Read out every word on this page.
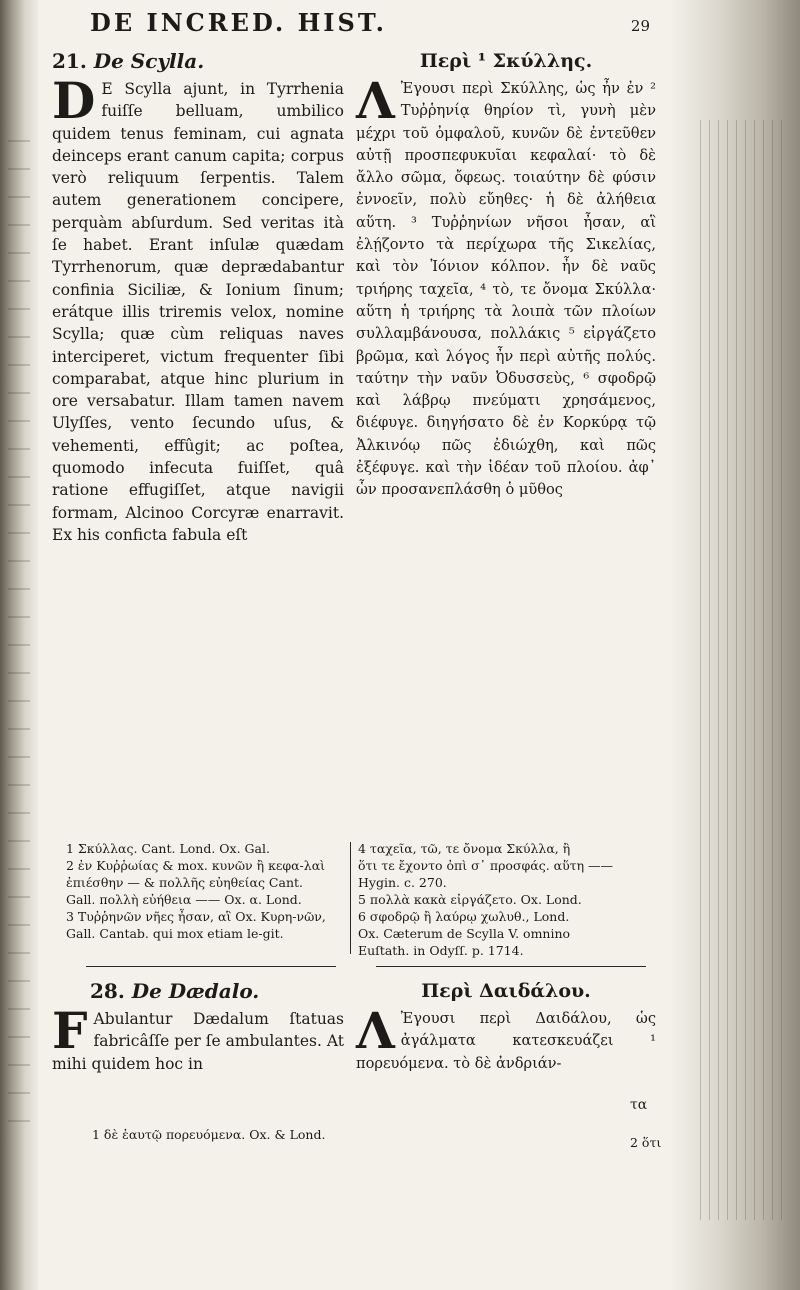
DE INCRED. HIST.	29
21. De Scylla.

D E Scylla ajunt, in Tyrrhenia fuiſſe belluam, umbilico quidem tenus feminam, cui agnata deinceps erant canum capita; corpus verò reliquum ſerpentis. Talem autem generationem concipere, perquàm abſurdum. Sed veritas ità ſe habet. Erant inſulæ quædam Tyrrhenorum, quæ deprædabantur confinia Siciliæ, & Ionium ſinum; erátque illis triremis velox, nomine Scylla; quæ cùm reliquas naves interciperet, victum frequenter ſibi comparabat, atque hinc plurium in ore versabatur. Illam tamen navem Ulyſſes, vento ſecundo uſus, & vehementi, effûgit; ac poſtea, quomodo infecuta fuiſſet, quâ ratione effugiſſet, atque navigii formam, Alcinoo Corcyræ enarravit. Ex his conficta fabula eſt

Περὶ ¹ Σκύλλης.

Λ Ἐγουσι περὶ Σκύλλης, ὡς ἦν ἐν ² Τυῤῥηνίᾳ θηρίον τὶ, γυνὴ μὲν μέχρι τοῦ ὀμφαλοῦ, κυνῶν δὲ ἐντεῦθεν αὐτῇ προσπεφυκυῖαι κεφαλαί· τὸ δὲ ἄλλο σῶμα, ὄφεως. τοιαύτην δὲ φύσιν ἐννοεῖν, πολὺ εὔηθες· ἡ δὲ ἀλήθεια αὕτη. ³ Τυῤῥηνίων νῆσοι ἦσαν, αἳ ἐλῄζοντο τὰ περίχωρα τῆς Σικελίας, καὶ τὸν Ἰόνιον κόλπον. ἦν δὲ ναῦς τριήρης ταχεῖα, ⁴ τὸ, τε ὄνομα Σκύλλα· αὕτη ἡ τριήρης τὰ λοιπὰ τῶν πλοίων συλλαμβάνουσα, πολλάκις ⁵ εἰργάζετο βρῶμα, καὶ λόγος ἦν περὶ αὐτῆς πολύς. ταύτην τὴν ναῦν Ὀδυσσεὺς, ⁶ σφοδρῷ καὶ λάβρῳ πνεύματι χρησάμενος, διέφυγε. διηγήσατο δὲ ἐν Κορκύρᾳ τῷ Ἀλκινόῳ πῶς ἐδιώχθη, καὶ πῶς ἐξέφυγε. καὶ τὴν ἰδέαν τοῦ πλοίου. ἀφ᾽ ὧν προσανεπλάσθη ὁ μῦθος

1 Σκύλλας. Cant. Lond. Ox. Gal.

2 ἐν Κυῤῥωίας & mox. κυνῶν ἢ κεφα-λαὶ ἐπιέσθην — & πολλῆς εὐηθείας Cant.

Gall. πολλὴ εὐήθεια —— Ox. α. Lond.

3 Τυῤῥηνῶν νῆες ἦσαν, αἳ Ox. Κυρη-νῶν, Gall. Cantab. qui mox etiam le-git.

4 ταχεῖα, τῶ, τε ὄνομα Σκύλλα, ἢ

ὅτι τε ἔχοντο ὀπὶ σ᾽ προσφάς. αὕτη ——

Hygin. c. 270.

5 πολλὰ κακὰ εἰργάζετο. Ox. Lond.

6 σφοδρῷ ἢ λαύρῳ χωλυθ., Lond.

Ox. Cæterum de Scylla V. omnino

Euſtath. in Odyſſ. p. 1714.

28. De Dædalo.

F Abulantur Dædalum ſtatuas fabricâſſe per ſe ambulantes. At mihi quidem hoc in

Περὶ Δαιδάλου.

Λ Ἐγουσι περὶ Δαιδάλου, ὡς ἀγάλματα κατεσκευάζει ¹ πορευόμενα. τὸ δὲ ἀνδριάν-

τα
1 δὲ ἑαυτῷ πορευόμενα. Ox. & Lond.
2 ὅτι
